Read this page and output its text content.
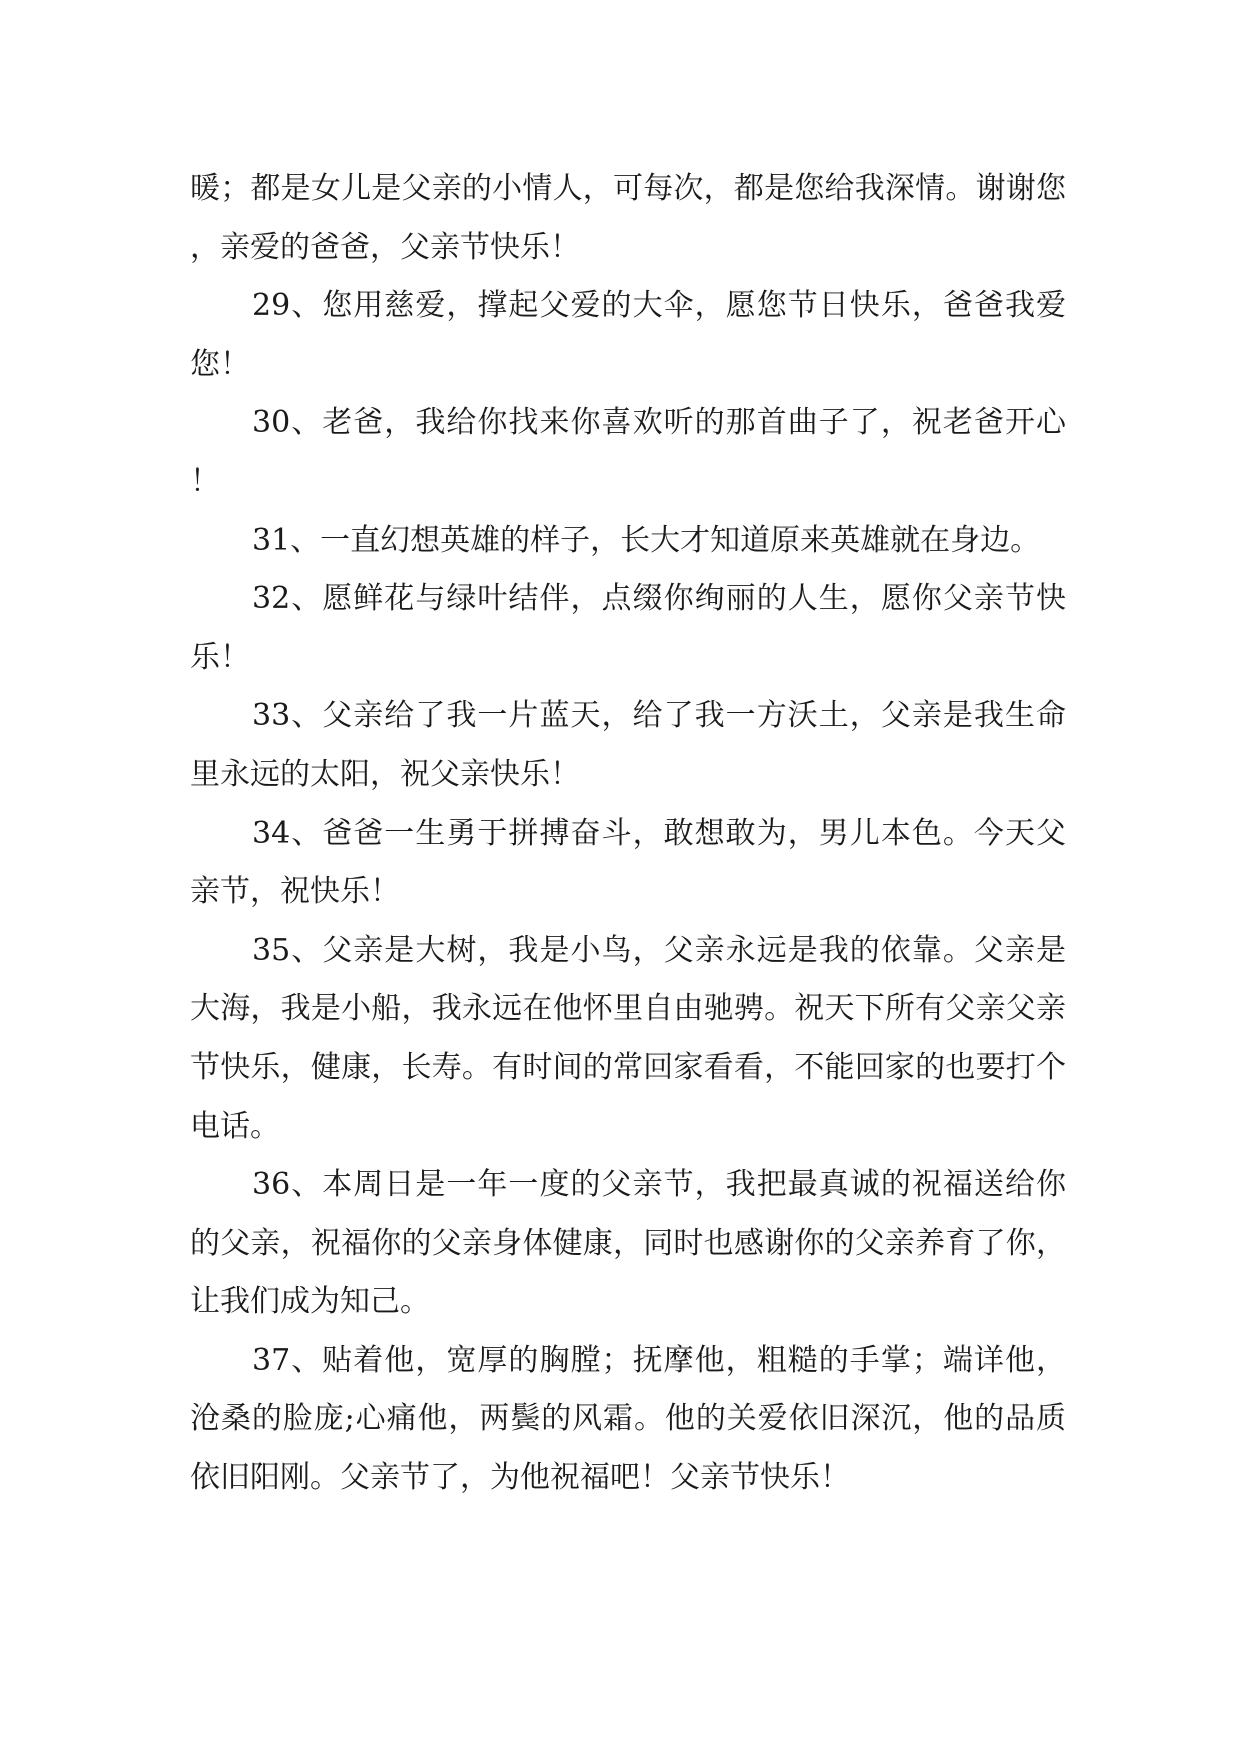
暖；都是女儿是父亲的小情人，可每次，都是您给我深情。谢谢您，亲爱的爸爸，父亲节快乐！

29、您用慈爱，撑起父爱的大伞，愿您节日快乐，爸爸我爱您！

30、老爸，我给你找来你喜欢听的那首曲子了，祝老爸开心！

31、一直幻想英雄的样子，长大才知道原来英雄就在身边。

32、愿鲜花与绿叶结伴，点缀你绚丽的人生，愿你父亲节快乐！

33、父亲给了我一片蓝天，给了我一方沃土，父亲是我生命里永远的太阳，祝父亲快乐！

34、爸爸一生勇于拼搏奋斗，敢想敢为，男儿本色。今天父亲节，祝快乐！

35、父亲是大树，我是小鸟，父亲永远是我的依靠。父亲是大海，我是小船，我永远在他怀里自由驰骋。祝天下所有父亲父亲节快乐，健康，长寿。有时间的常回家看看，不能回家的也要打个电话。

36、本周日是一年一度的父亲节，我把最真诚的祝福送给你的父亲，祝福你的父亲身体健康，同时也感谢你的父亲养育了你，让我们成为知己。

37、贴着他，宽厚的胸膛；抚摩他，粗糙的手掌；端详他，沧桑的脸庞;心痛他，两鬓的风霜。他的关爱依旧深沉，他的品质依旧阳刚。父亲节了，为他祝福吧！父亲节快乐！
